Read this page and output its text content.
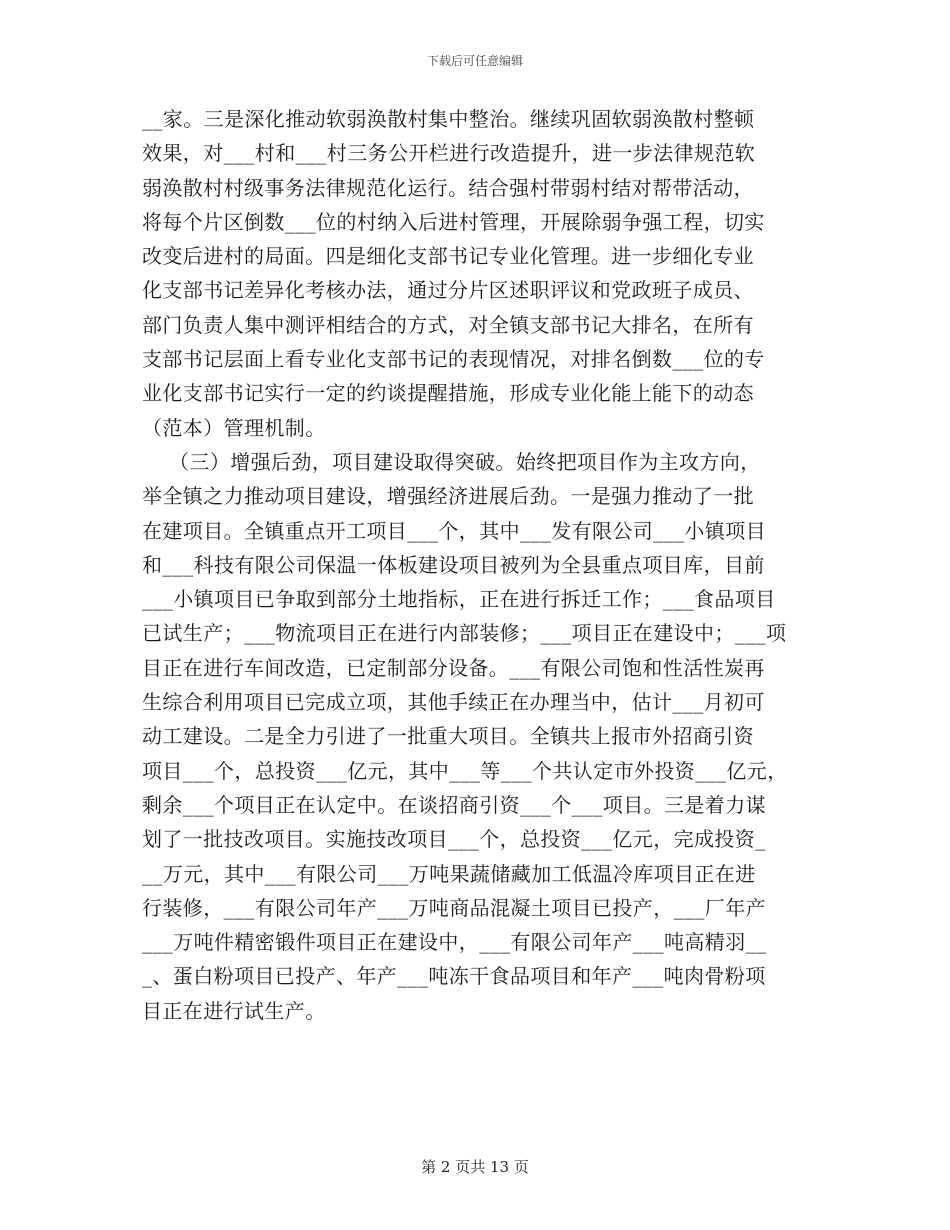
下载后可任意编辑
__家。三是深化推动软弱涣散村集中整治。继续巩固软弱涣散村整顿
效果，对___村和___村三务公开栏进行改造提升，进一步法律规范软
弱涣散村村级事务法律规范化运行。结合强村带弱村结对帮带活动，
将每个片区倒数___位的村纳入后进村管理，开展除弱争强工程，切实
改变后进村的局面。四是细化支部书记专业化管理。进一步细化专业
化支部书记差异化考核办法，通过分片区述职评议和党政班子成员、
部门负责人集中测评相结合的方式，对全镇支部书记大排名，在所有
支部书记层面上看专业化支部书记的表现情况，对排名倒数___位的专
业化支部书记实行一定的约谈提醒措施，形成专业化能上能下的动态
（范本）管理机制。
（三）增强后劲，项目建设取得突破。始终把项目作为主攻方向，
举全镇之力推动项目建设，增强经济进展后劲。一是强力推动了一批
在建项目。全镇重点开工项目___个，其中___发有限公司___小镇项目
和___科技有限公司保温一体板建设项目被列为全县重点项目库，目前
___小镇项目已争取到部分土地指标，正在进行拆迁工作；___食品项目
已试生产；___物流项目正在进行内部装修；___项目正在建设中；___项
目正在进行车间改造，已定制部分设备。___有限公司饱和性活性炭再
生综合利用项目已完成立项，其他手续正在办理当中，估计___月初可
动工建设。二是全力引进了一批重大项目。全镇共上报市外招商引资
项目___个，总投资___亿元，其中___等___个共认定市外投资___亿元，
剩余___个项目正在认定中。在谈招商引资___个___项目。三是着力谋
划了一批技改项目。实施技改项目___个，总投资___亿元，完成投资_
__万元，其中___有限公司___万吨果蔬储藏加工低温冷库项目正在进
行装修，___有限公司年产___万吨商品混凝土项目已投产，___厂年产
___万吨件精密锻件项目正在建设中，___有限公司年产___吨高精羽__
_、蛋白粉项目已投产、年产___吨冻干食品项目和年产___吨肉骨粉项
目正在进行试生产。
第 2 页共 13 页
